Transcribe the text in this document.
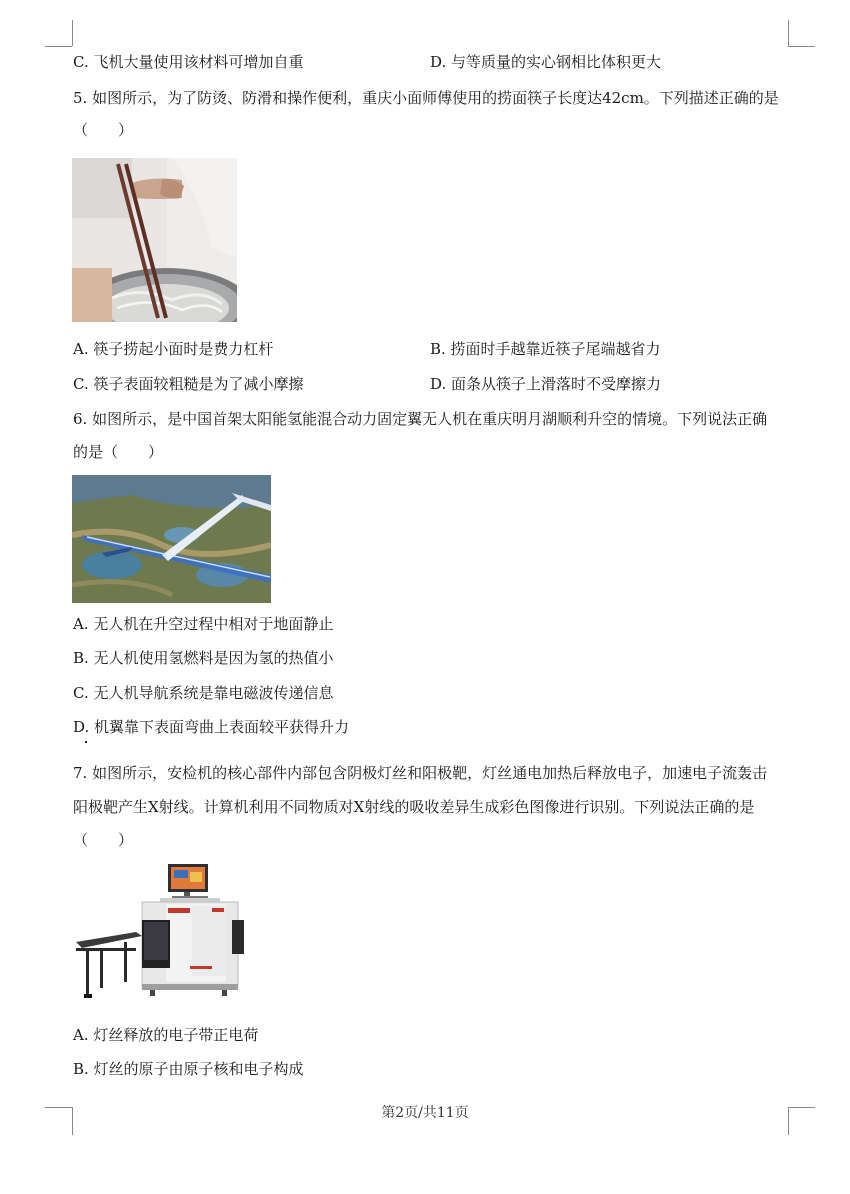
C. 飞机大量使用该材料可增加自重	D. 与等质量的实心钢相比体积更大
5. 如图所示，为了防烫、防滑和操作便利，重庆小面师傅使用的捞面筷子长度达42cm。下列描述正确的是
（　　）
A. 筷子捞起小面时是费力杠杆	B. 捞面时手越靠近筷子尾端越省力
C. 筷子表面较粗糙是为了减小摩擦	D. 面条从筷子上滑落时不受摩擦力
6. 如图所示，是中国首架太阳能氢能混合动力固定翼无人机在重庆明月湖顺利升空的情境。下列说法正确
的是（　　）
A. 无人机在升空过程中相对于地面静止
B. 无人机使用氢燃料是因为氢的热值小
C. 无人机导航系统是靠电磁波传递信息
D. 机翼靠下表面弯曲上表面较平获得升力
7. 如图所示，安检机的核心部件内部包含阴极灯丝和阳极靶，灯丝通电加热后释放电子，加速电子流轰击
阳极靶产生X射线。计算机利用不同物质对X射线的吸收差异生成彩色图像进行识别。下列说法正确的是
（　　）
A. 灯丝释放的电子带正电荷
B. 灯丝的原子由原子核和电子构成
第2页/共11页
